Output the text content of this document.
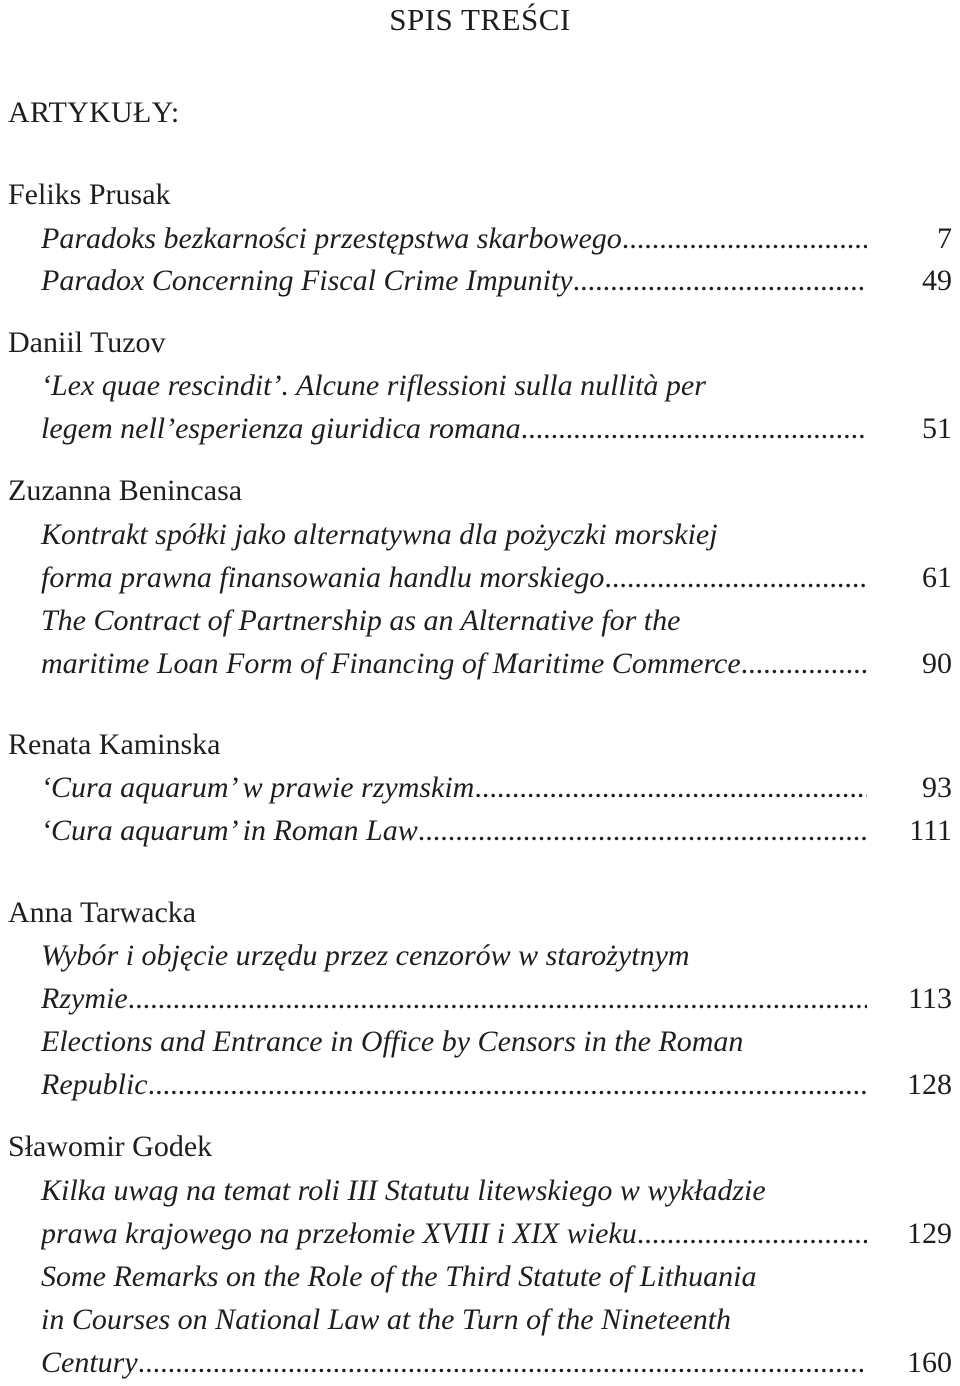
SPIS TREŚCI
ARTYKUŁY:
Feliks Prusak
Paradoks bezkarności przestępstwa skarbowego .....	7
Paradox Concerning Fiscal Crime Impunity .....	49
Daniil Tuzov
‘Lex quae rescindit’. Alcune riflessioni sulla nullità per
legem nell’esperienza giuridica romana .....	51
Zuzanna Benincasa
Kontrakt spółki jako alternatywna dla pożyczki morskiej
forma prawna finansowania handlu morskiego .....	61
The Contract of Partnership as an Alternative for the
maritime Loan Form of Financing of Maritime Commerce .....	90
Renata Kaminska
‘Cura aquarum’ w prawie rzymskim .....	93
‘Cura aquarum’ in Roman Law .....	111
Anna Tarwacka
Wybór i objęcie urzędu przez cenzorów w starożytnym
Rzymie .....	113
Elections and Entrance in Office by Censors in the Roman
Republic .....	128
Sławomir Godek
Kilka uwag na temat roli III Statutu litewskiego w wykładzie
prawa krajowego na przełomie XVIII i XIX wieku .....	129
Some Remarks on the Role of the Third Statute of Lithuania
in Courses on National Law at the Turn of the Nineteenth
Century .....	160
